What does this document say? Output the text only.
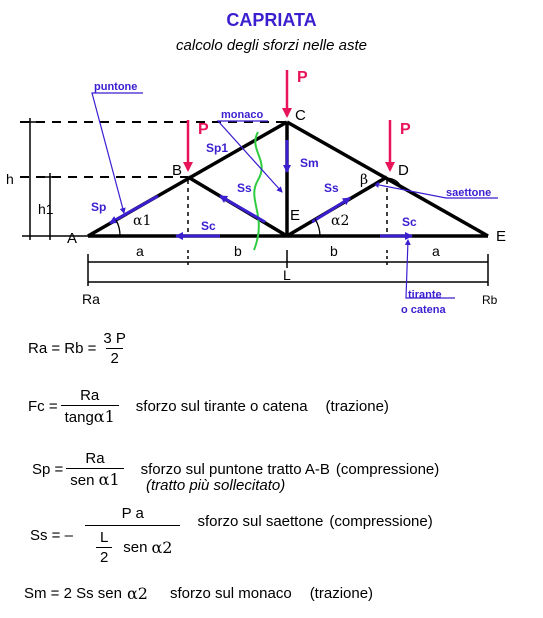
CAPRIATA
calcolo degli sforzi nelle aste
P
P	P
A
B
C
D
E
E
h
h1
a	b	b	a
L
Ra	Rb
α1	α2
β
Sp1
Sp
Sm
Ss	Ss
Sc	Sc
puntone
monaco
saettone
tirante
o catena
$Ra = Rb = \frac{3 P}{2}$
$Fc = \frac{Ra}{\tan g\alpha 1}$ sforzo sul tirante o catena (trazione)
$Sp = \frac{Ra}{\text{sen α1}}$ sforzo sul puntone tratto A-B (compressione)
(tratto più sollecitato)
Ss = – $\frac{\text{P a}}{\frac{L}{2} sen \alpha 2}$ sforzo sul saettone (compressione)
Sm = 2 Ss sen α2 sforzo sul monaco (trazione)
